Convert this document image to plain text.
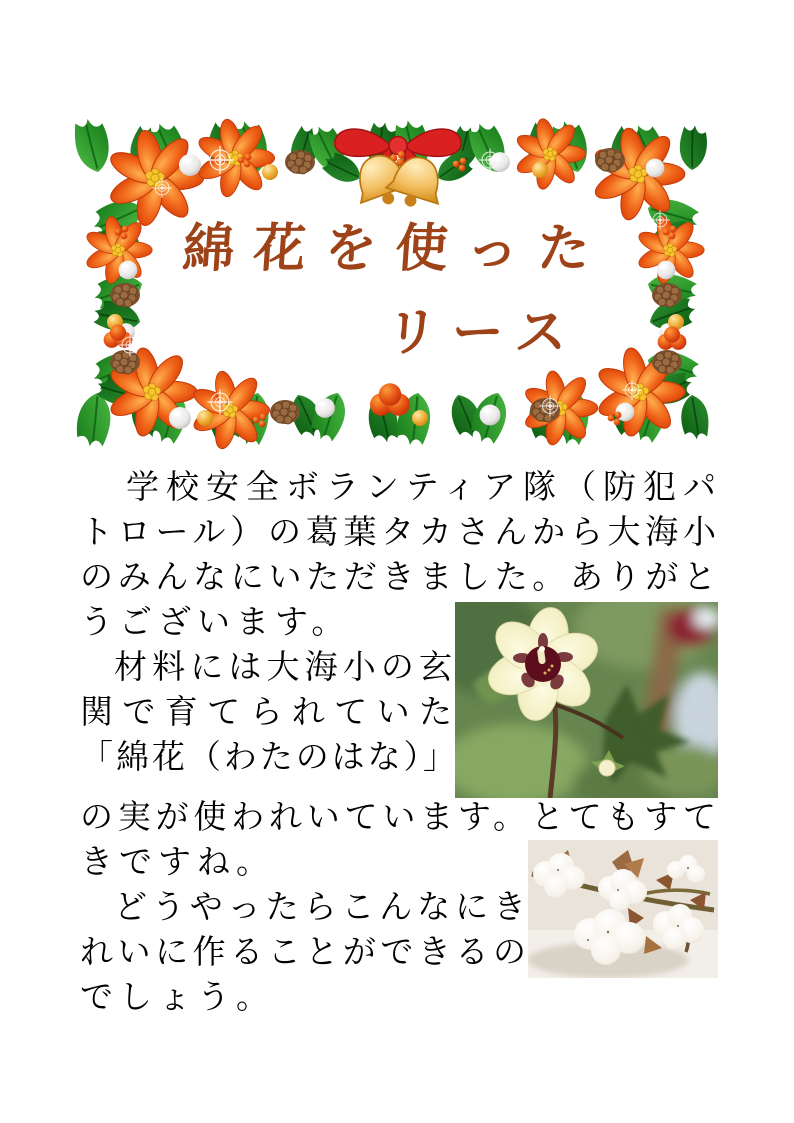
綿花を使った
リース
学校安全ボランティア隊（防犯パ
トロール）の葛葉タカさんから大海小
のみんなにいただきました。ありがと
うございます。
材料には大海小の玄
関で育てられていた
「綿花（わたのはな）」
の実が使われいています。とてもすて
きですね。
どうやったらこんなにき
れいに作ることができるの
でしょう。
